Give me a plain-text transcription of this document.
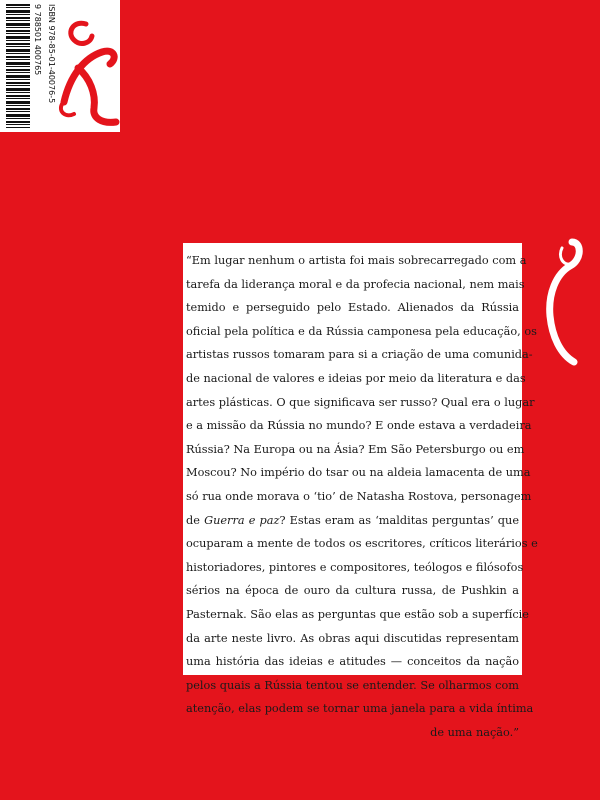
9 788501 400765 ISBN 978-85-01-40076-5

“Em lugar nenhum o artista foi mais sobrecarregado com a
tarefa da liderança moral e da profecia nacional, nem mais
temido e perseguido pelo Estado. Alienados da Rússia
oficial pela política e da Rússia camponesa pela educação, os
artistas russos tomaram para si a criação de uma comunida-
de nacional de valores e ideias por meio da literatura e das
artes plásticas. O que significava ser russo? Qual era o lugar
e a missão da Rússia no mundo? E onde estava a verdadeira
Rússia? Na Europa ou na Ásia? Em São Petersburgo ou em
Moscou? No império do tsar ou na aldeia lamacenta de uma
só rua onde morava o ‘tio’ de Natasha Rostova, personagem
de Guerra e paz? Estas eram as ‘malditas perguntas’ que
ocuparam a mente de todos os escritores, críticos literários e
historiadores, pintores e compositores, teólogos e filósofos
sérios na época de ouro da cultura russa, de Pushkin a
Pasternak. São elas as perguntas que estão sob a superfície
da arte neste livro. As obras aqui discutidas representam
uma história das ideias e atitudes — conceitos da nação
pelos quais a Rússia tentou se entender. Se olharmos com
atenção, elas podem se tornar uma janela para a vida íntima
de uma nação.”
